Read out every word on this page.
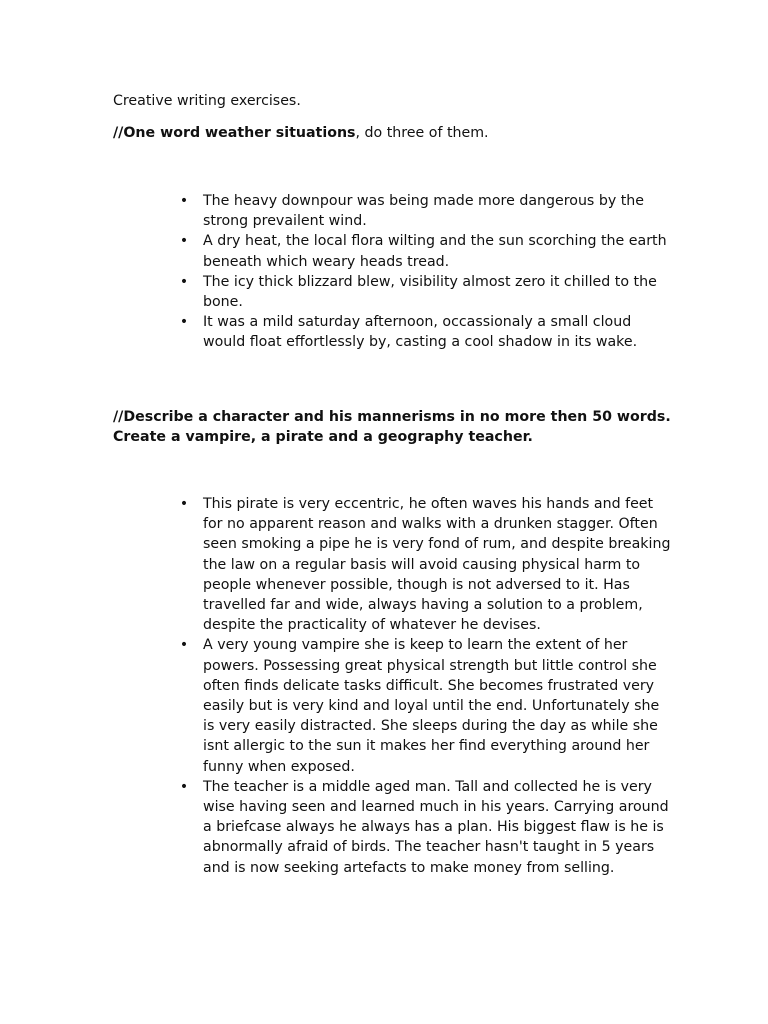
Creative writing exercises.

//One word weather situations, do three of them.

• The heavy downpour was being made more dangerous by the strong prevailent wind.
• A dry heat, the local flora wilting and the sun scorching the earth beneath which weary heads tread.
• The icy thick blizzard blew, visibility almost zero it chilled to the bone.
• It was a mild saturday afternoon, occassionaly a small cloud would float effortlessly by, casting a cool shadow in its wake.

//Describe a character and his mannerisms in no more then 50 words. Create a vampire, a pirate and a geography teacher.

• This pirate is very eccentric, he often waves his hands and feet for no apparent reason and walks with a drunken stagger. Often seen smoking a pipe he is very fond of rum, and despite breaking the law on a regular basis will avoid causing physical harm to people whenever possible, though is not adversed to it. Has travelled far and wide, always having a solution to a problem, despite the practicality of whatever he devises.
• A very young vampire she is keep to learn the extent of her powers. Possessing great physical strength but little control she often finds delicate tasks difficult. She becomes frustrated very easily but is very kind and loyal until the end. Unfortunately she is very easily distracted. She sleeps during the day as while she isnt allergic to the sun it makes her find everything around her funny when exposed.
• The teacher is a middle aged man. Tall and collected he is very wise having seen and learned much in his years. Carrying around a briefcase always he always has a plan. His biggest flaw is he is abnormally afraid of birds. The teacher hasn't taught in 5 years and is now seeking artefacts to make money from selling.
